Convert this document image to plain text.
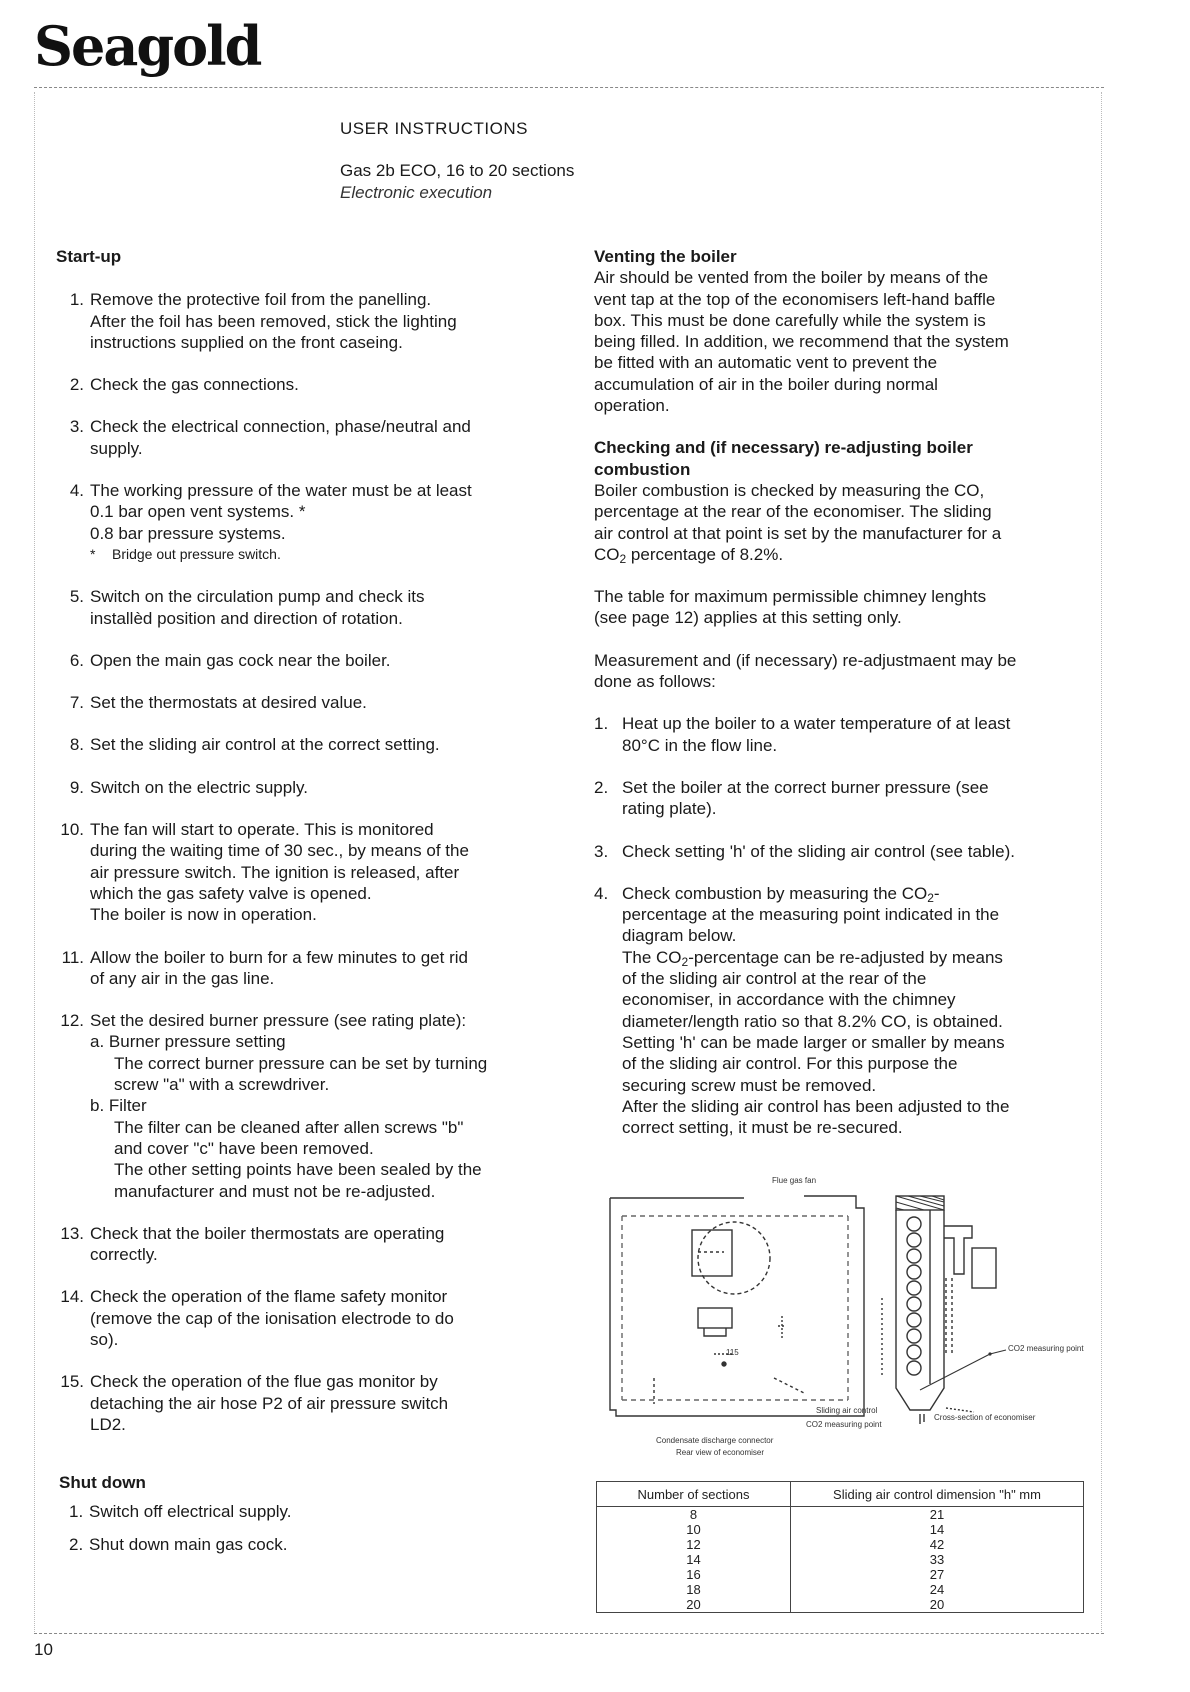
Seagold
USER INSTRUCTIONS
Gas 2b ECO, 16 to 20 sections
Electronic execution
Start-up
1. Remove the protective foil from the panelling.
After the foil has been removed, stick the lighting
instructions supplied on the front caseing.
2. Check the gas connections.
3. Check the electrical connection, phase/neutral and
supply.
4. The working pressure of the water must be at least
0.1 bar open vent systems. *
0.8 bar pressure systems.
* Bridge out pressure switch.
5. Switch on the circulation pump and check its
installèd position and direction of rotation.
6. Open the main gas cock near the boiler.
7. Set the thermostats at desired value.
8. Set the sliding air control at the correct setting.
9. Switch on the electric supply.
10. The fan will start to operate. This is monitored
during the waiting time of 30 sec., by means of the
air pressure switch. The ignition is released, after
which the gas safety valve is opened.
The boiler is now in operation.
11. Allow the boiler to burn for a few minutes to get rid
of any air in the gas line.
12. Set the desired burner pressure (see rating plate):
a. Burner pressure setting
The correct burner pressure can be set by turning
screw "a" with a screwdriver.
b. Filter
The filter can be cleaned after allen screws "b"
and cover "c" have been removed.
The other setting points have been sealed by the
manufacturer and must not be re-adjusted.
13. Check that the boiler thermostats are operating
correctly.
14. Check the operation of the flame safety monitor
(remove the cap of the ionisation electrode to do
so).
15. Check the operation of the flue gas monitor by
detaching the air hose P2 of air pressure switch
LD2.
Shut down
1. Switch off electrical supply.
2. Shut down main gas cock.

Venting the boiler
Air should be vented from the boiler by means of the
vent tap at the top of the economisers left-hand baffle
box. This must be done carefully while the system is
being filled. In addition, we recommend that the system
be fitted with an automatic vent to prevent the
accumulation of air in the boiler during normal
operation.

Checking and (if necessary) re-adjusting boiler
combustion
Boiler combustion is checked by measuring the CO,
percentage at the rear of the economiser. The sliding
air control at that point is set by the manufacturer for a
$CO_2$ percentage of 8.2%.

The table for maximum permissible chimney lenghts
(see page 12) applies at this setting only.

Measurement and (if necessary) re-adjustmaent may be
done as follows:

1. Heat up the boiler to a water temperature of at least
80°C in the flow line.
2. Set the boiler at the correct burner pressure (see
rating plate).
3. Check setting 'h' of the sliding air control (see table).
4. Check combustion by measuring the $CO_2-$
percentage at the measuring point indicated in the
diagram below.
The $CO_2$-percentage can be re-adjusted by means
of the sliding air control at the rear of the
economiser, in accordance with the chimney
diameter/length ratio so that 8.2% CO, is obtained.
Setting 'h' can be made larger or smaller by means
of the sliding air control. For this purpose the
securing screw must be removed.
After the sliding air control has been adjusted to the
correct setting, it must be re-secured.
Flue gas fan
115	CO2 measuring point
Sliding air control
CO2 measuring point
Cross-section of economiser
Condensate discharge connector
Rear view of economiser
Number of sections	Sliding air control dimension "h" mm
8	21
10	14
12	42
14	33
16	27
18	24
20	20
10
